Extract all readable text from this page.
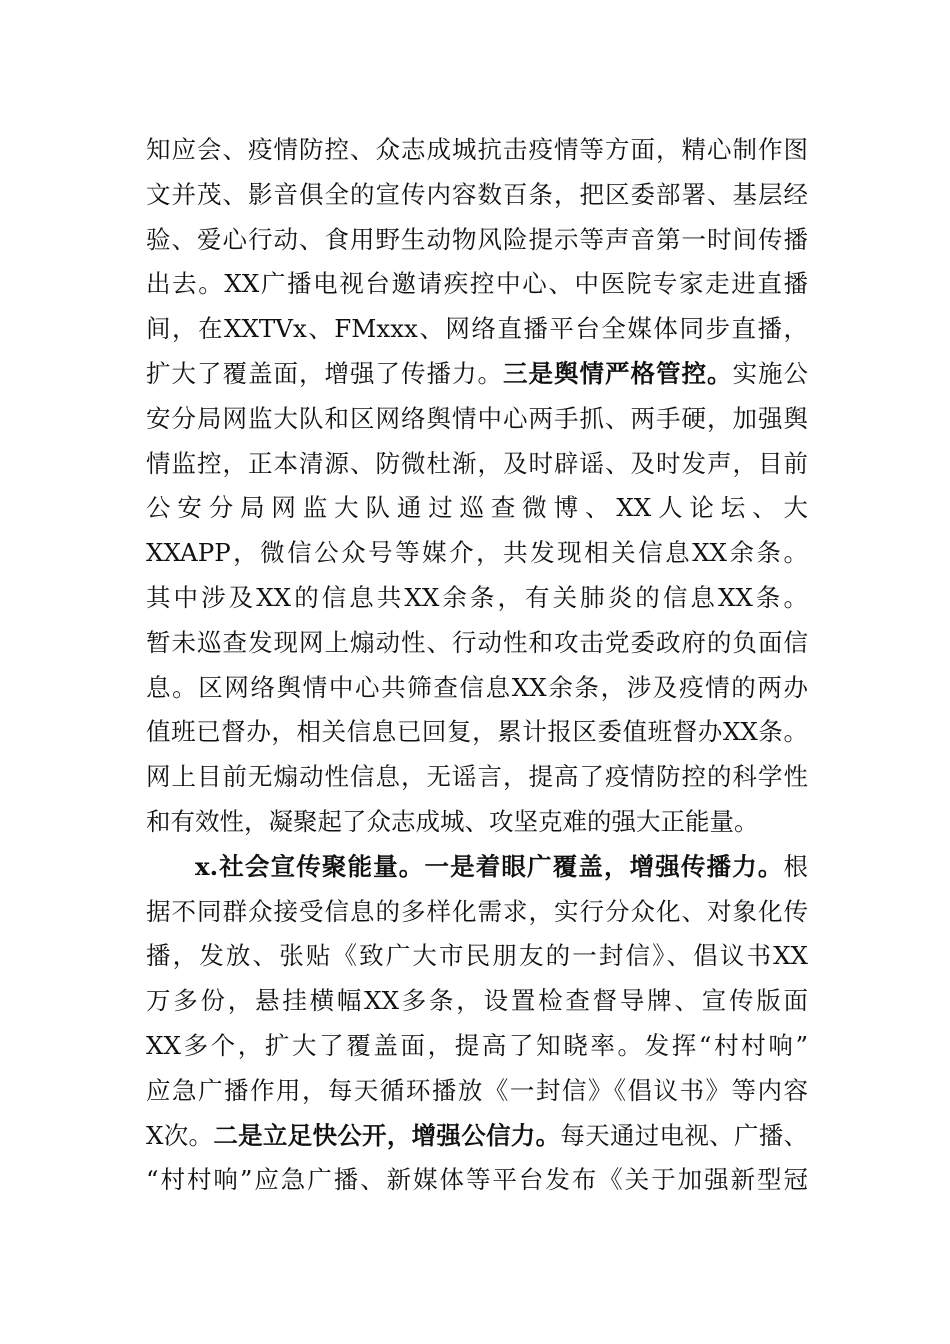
知应会、疫情防控、众志成城抗击疫情等方面，精心制作图
文并茂、影音俱全的宣传内容数百条，把区委部署、基层经
验、爱心行动、食用野生动物风险提示等声音第一时间传播
出去。XX广播电视台邀请疾控中心、中医院专家走进直播
间，在XXTVx、FMxxx、网络直播平台全媒体同步直播，
扩大了覆盖面，增强了传播力。三是舆情严格管控。实施公
安分局网监大队和区网络舆情中心两手抓、两手硬，加强舆
情监控，正本清源、防微杜渐，及时辟谣、及时发声，目前
公安分局网监大队通过巡查微博、XX人论坛、大
XXAPP，微信公众号等媒介，共发现相关信息XX余条。
其中涉及XX的信息共XX余条，有关肺炎的信息XX条。
暂未巡查发现网上煽动性、行动性和攻击党委政府的负面信
息。区网络舆情中心共筛查信息XX余条，涉及疫情的两办
值班已督办，相关信息已回复，累计报区委值班督办XX条。
网上目前无煽动性信息，无谣言，提高了疫情防控的科学性
和有效性，凝聚起了众志成城、攻坚克难的强大正能量。
x.社会宣传聚能量。一是着眼广覆盖，增强传播力。根
据不同群众接受信息的多样化需求，实行分众化、对象化传
播，发放、张贴《致广大市民朋友的一封信》、倡议书XX
万多份，悬挂横幅XX多条，设置检查督导牌、宣传版面
XX多个，扩大了覆盖面，提高了知晓率。发挥“村村响”
应急广播作用，每天循环播放《一封信》《倡议书》等内容
X次。二是立足快公开，增强公信力。每天通过电视、广播、
“村村响”应急广播、新媒体等平台发布《关于加强新型冠
